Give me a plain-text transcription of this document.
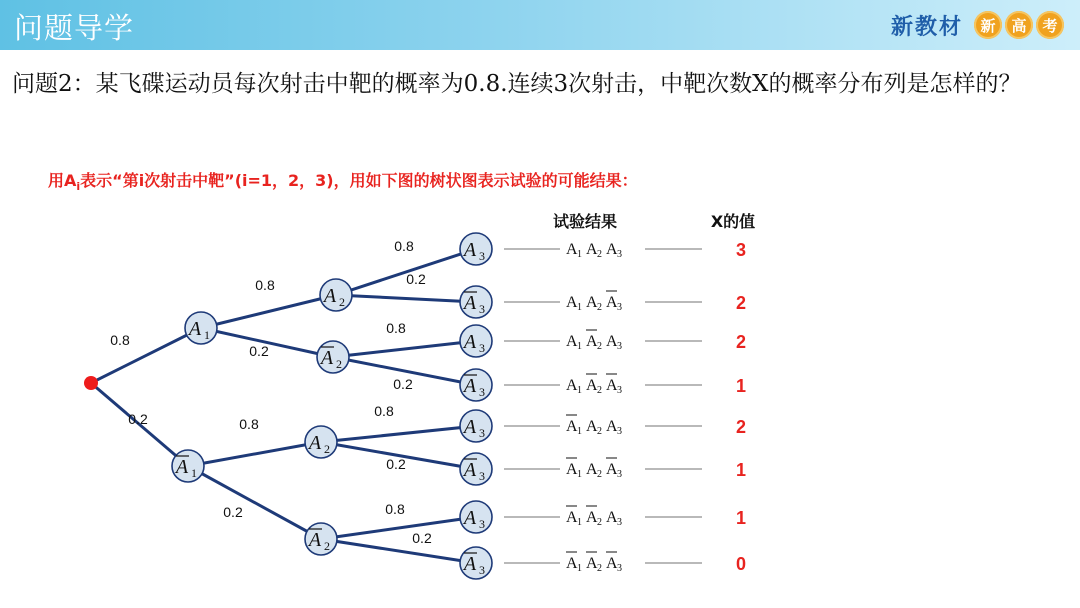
问题导学	新教材	新	高	考
问题2：某飞碟运动员每次射击中靶的概率为0.8.连续3次射击，中靶次数X的概率分布列是怎样的？
用$A_i$表示“第i次射击中靶”(i=1，2，3)，用如下图的树状图表示试验的可能结果：
0.8
0.2
0.8
0.2
0.8
0.2
0.8
0.2
0.8
0.2
0.8
0.2
0.8
0.2
A 1
A 1
A 2
A 2
A 2
A 2
A 3
A 3
A 3
A 3
A 3
A 3
A 3
A 3
试验结果	X的值
A 1 A 2 A 3	3
A 1 A 2 A 3	2
A 1 A 2 A 3	2
A 1 A 2 A 3	1
A 1 A 2 A 3	2
A 1 A 2 A 3	1
A 1 A 2 A 3	1
A 1 A 2 A 3	0
